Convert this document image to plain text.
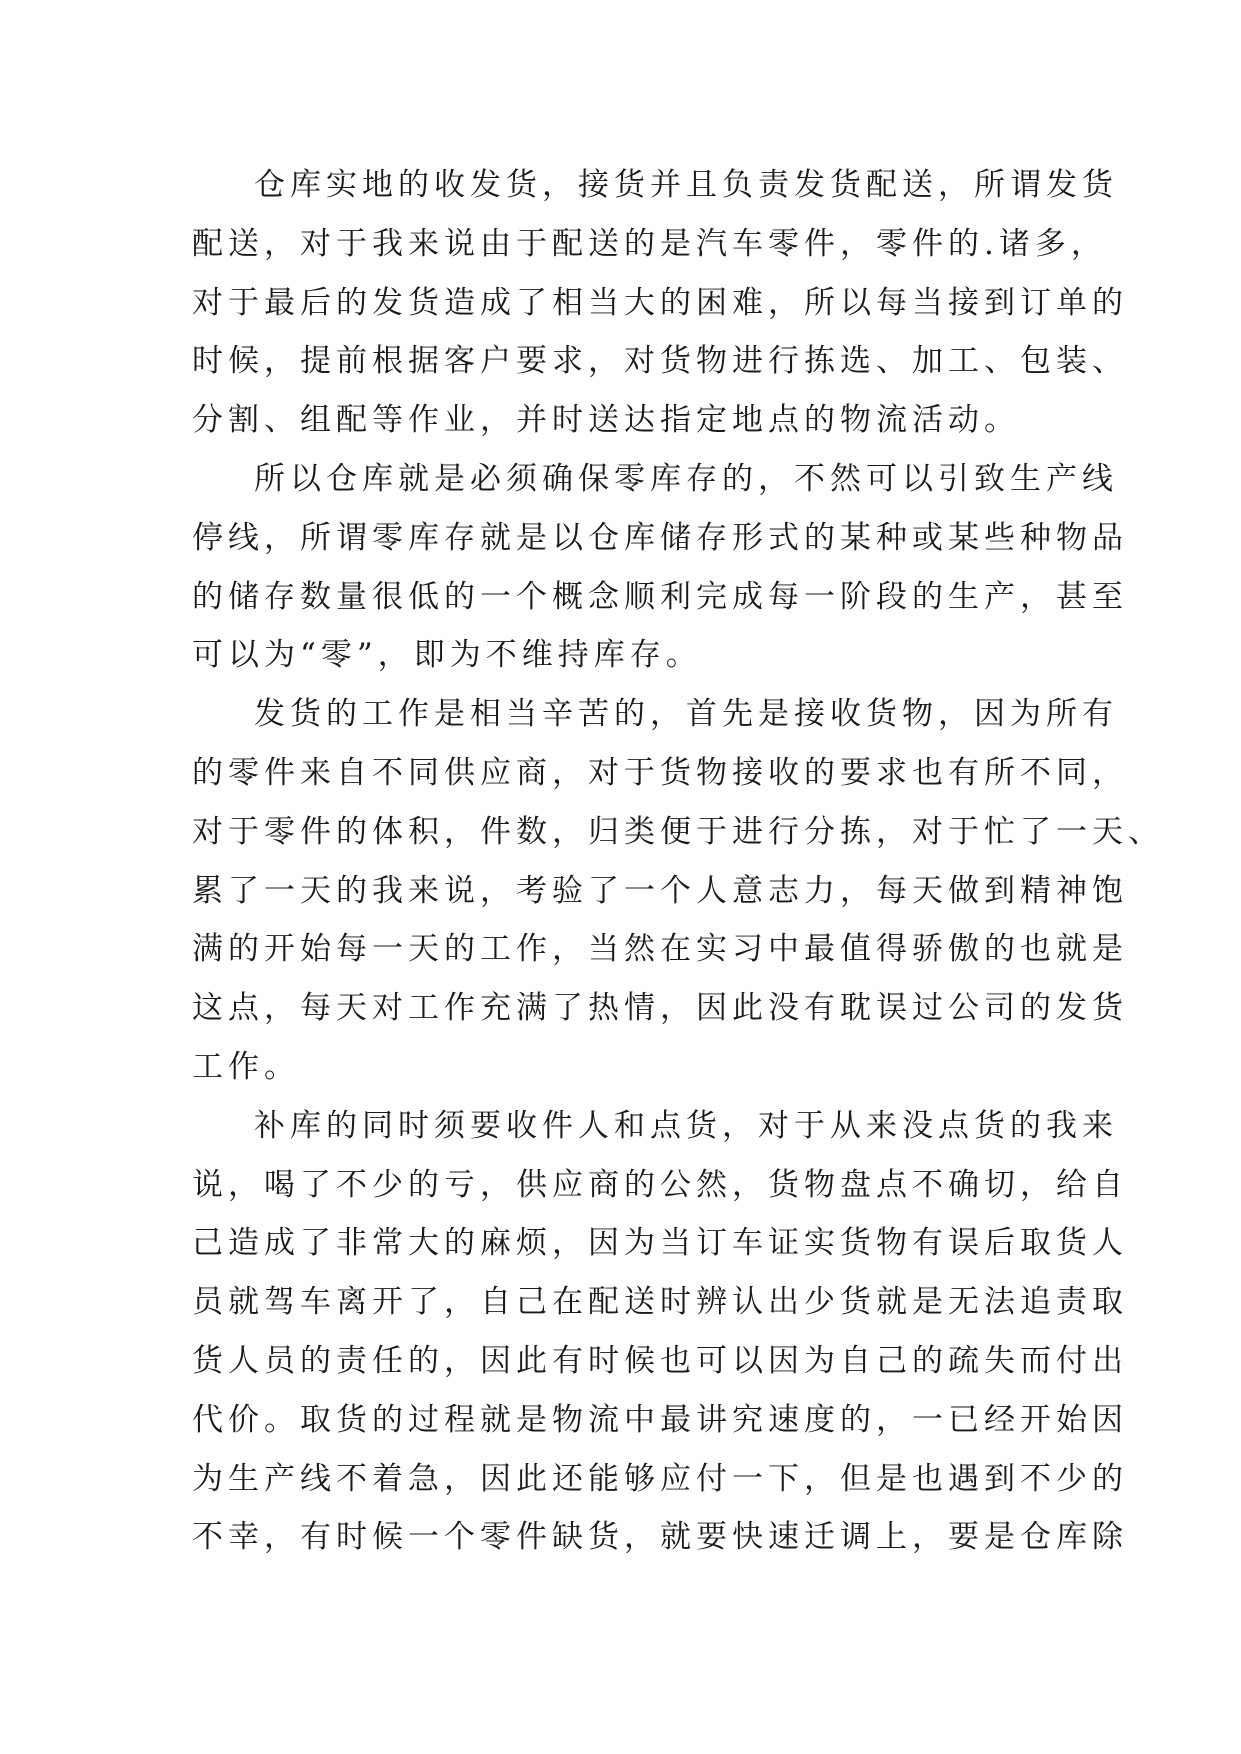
仓库实地的收发货，接货并且负责发货配送，所谓发货
配送，对于我来说由于配送的是汽车零件，零件的.诸多，
对于最后的发货造成了相当大的困难，所以每当接到订单的
时候，提前根据客户要求，对货物进行拣选、加工、包装、
分割、组配等作业，并时送达指定地点的物流活动。
所以仓库就是必须确保零库存的，不然可以引致生产线
停线，所谓零库存就是以仓库储存形式的某种或某些种物品
的储存数量很低的一个概念顺利完成每一阶段的生产，甚至
可以为“零”，即为不维持库存。
发货的工作是相当辛苦的，首先是接收货物，因为所有
的零件来自不同供应商，对于货物接收的要求也有所不同，
对于零件的体积，件数，归类便于进行分拣，对于忙了一天、
累了一天的我来说，考验了一个人意志力，每天做到精神饱
满的开始每一天的工作，当然在实习中最值得骄傲的也就是
这点，每天对工作充满了热情，因此没有耽误过公司的发货
工作。
补库的同时须要收件人和点货，对于从来没点货的我来
说，喝了不少的亏，供应商的公然，货物盘点不确切，给自
己造成了非常大的麻烦，因为当订车证实货物有误后取货人
员就驾车离开了，自己在配送时辨认出少货就是无法追责取
货人员的责任的，因此有时候也可以因为自己的疏失而付出
代价。取货的过程就是物流中最讲究速度的，一已经开始因
为生产线不着急，因此还能够应付一下，但是也遇到不少的
不幸，有时候一个零件缺货，就要快速迁调上，要是仓库除
